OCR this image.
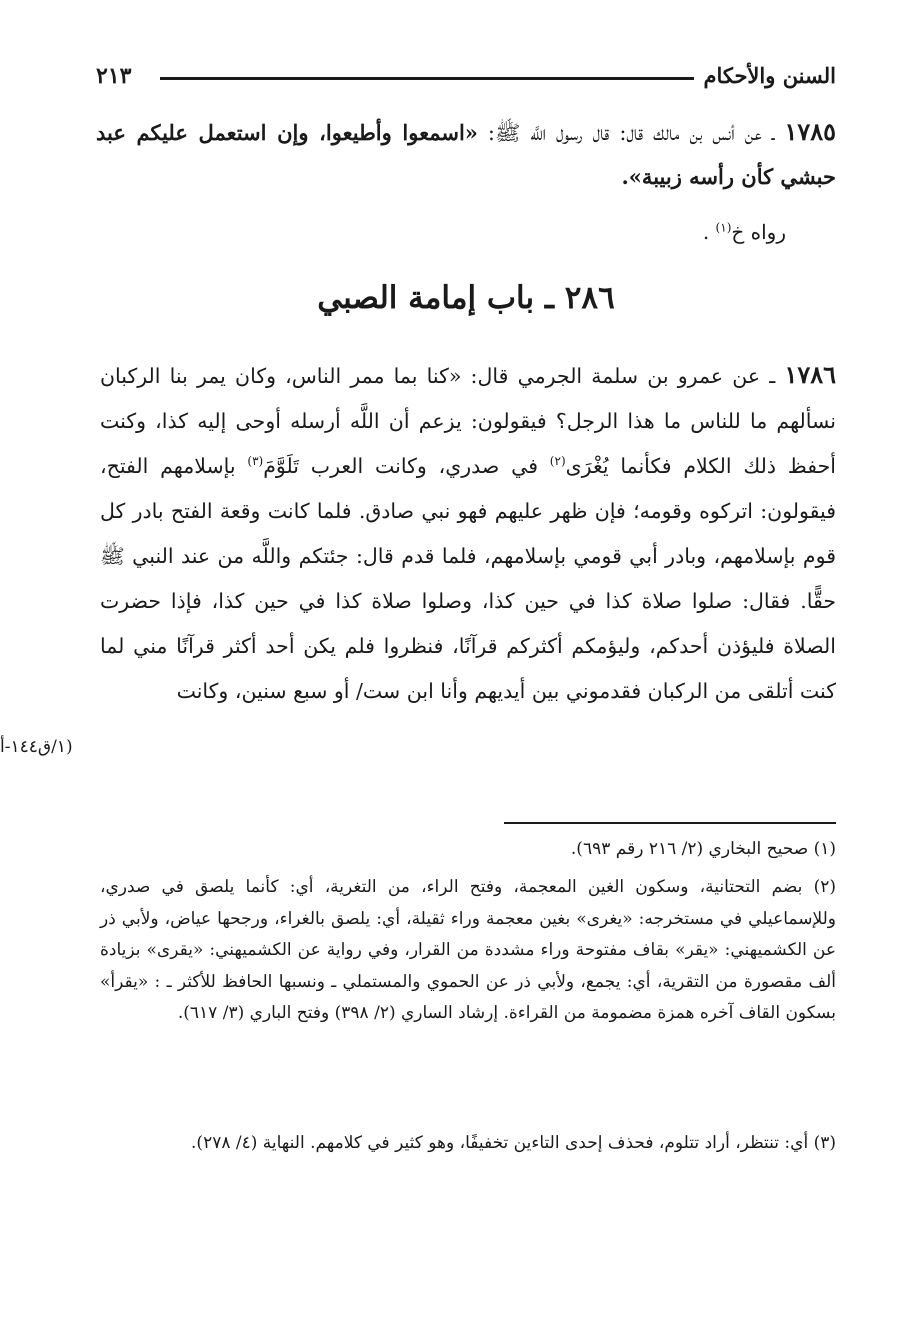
السنن والأحكام
٢١٣
١٧٨٥ ـ عن أنس بن مالك قال: قال رسول اللَّه ﷺ: «اسمعوا وأطيعوا، وإن استعمل عليكم عبد حبشي كأن رأسه زبيبة».
رواه خ$^{(١)}$ .
٢٨٦ ـ باب إمامة الصبي
١٧٨٦ ـ عن عمرو بن سلمة الجرمي قال: «كنا بما ممر الناس، وكان يمر بنا الركبان نسألهم ما للناس ما هذا الرجل؟ فيقولون: يزعم أن اللَّه أرسله أوحى إليه كذا، وكنت أحفظ ذلك الكلام فكأنما يُغْرَى$^{(٢)}$ في صدري، وكانت العرب تَلَوَّمَ$^{(٣)}$ بإسلامهم الفتح، فيقولون: اتركوه وقومه؛ فإن ظهر عليهم فهو نبي صادق. فلما كانت وقعة الفتح بادر كل قوم بإسلامهم، وبادر أبي قومي بإسلامهم، فلما قدم قال: جئتكم واللَّه من عند النبي ﷺ حقًّا. فقال: صلوا صلاة كذا في حين كذا، وصلوا صلاة كذا في حين كذا، فإذا حضرت الصلاة فليؤذن أحدكم، وليؤمكم أكثركم قرآنًا، فنظروا فلم يكن أحد أكثر قرآنًا مني لما كنت أتلقى من الركبان فقدموني بين أيديهم وأنا ابن ست/ أو سبع سنين، وكانت
(١/ق١٤٤-أ
(١) صحيح البخاري (٢/ ٢١٦ رقم ٦٩٣).
(٢) بضم التحتانية، وسكون الغين المعجمة، وفتح الراء، من التغرية، أي: كأنما يلصق في صدري، وللإسماعيلي في مستخرجه: «يغرى» بغين معجمة وراء ثقيلة، أي: يلصق بالغراء، ورجحها عياض، ولأبي ذر عن الكشميهني: «يقر» بقاف مفتوحة وراء مشددة من القرار، وفي رواية عن الكشميهني: «يقرى» بزيادة ألف مقصورة من التقرية، أي: يجمع، ولأبي ذر عن الحموي والمستملي ـ ونسبها الحافظ للأكثر ـ : «يقرأ» بسكون القاف آخره همزة مضمومة من القراءة. إرشاد الساري (٢/ ٣٩٨) وفتح الباري (٣/ ٦١٧).
(٣) أي: تنتظر، أراد تتلوم، فحذف إحدى التاءين تخفيفًا، وهو كثير في كلامهم. النهاية (٤/ ٢٧٨).
